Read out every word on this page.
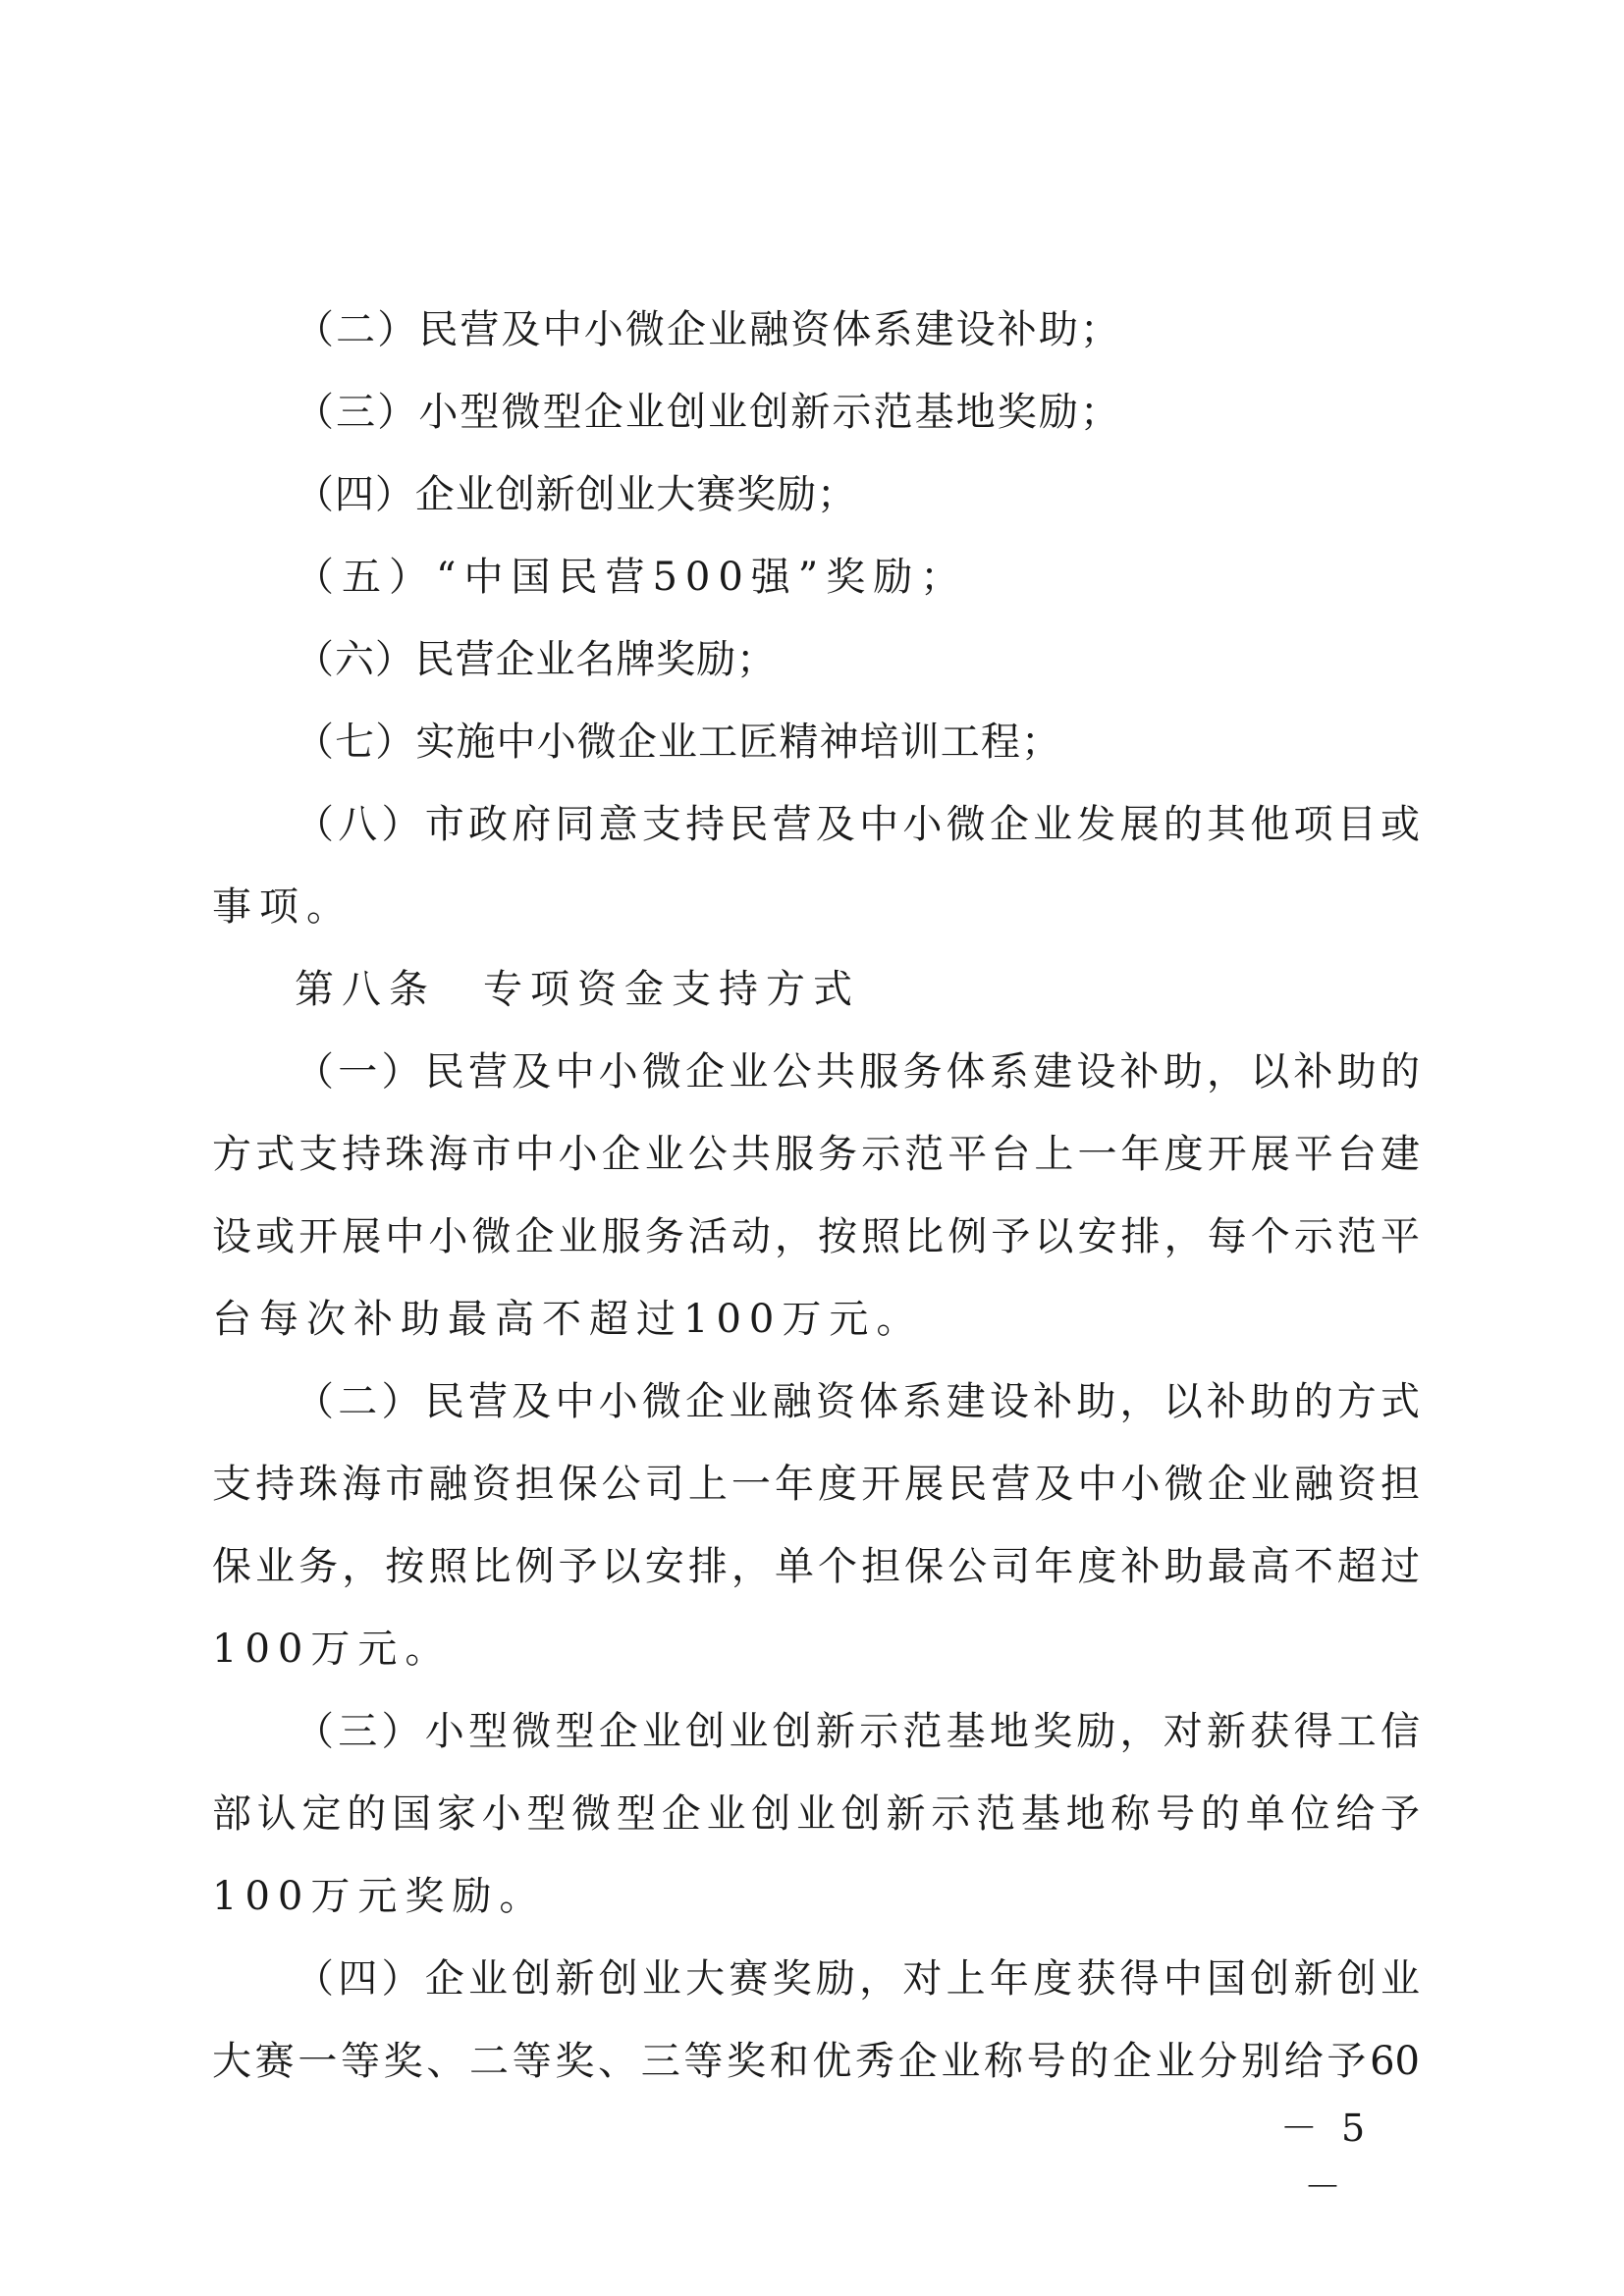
（二）民营及中小微企业融资体系建设补助；
（三）小型微型企业创业创新示范基地奖励；
（四）企业创新创业大赛奖励；
（五）“中国民营500强”奖励；
（六）民营企业名牌奖励；
（七）实施中小微企业工匠精神培训工程；
（八）市政府同意支持民营及中小微企业发展的其他项目或
事项。
第八条　专项资金支持方式
（一）民营及中小微企业公共服务体系建设补助，以补助的
方式支持珠海市中小企业公共服务示范平台上一年度开展平台建
设或开展中小微企业服务活动，按照比例予以安排，每个示范平
台每次补助最高不超过100万元。
（二）民营及中小微企业融资体系建设补助，以补助的方式
支持珠海市融资担保公司上一年度开展民营及中小微企业融资担
保业务，按照比例予以安排，单个担保公司年度补助最高不超过
100万元。
（三）小型微型企业创业创新示范基地奖励，对新获得工信
部认定的国家小型微型企业创业创新示范基地称号的单位给予
100万元奖励。
（四）企业创新创业大赛奖励，对上年度获得中国创新创业
大赛一等奖、二等奖、三等奖和优秀企业称号的企业分别给予60
－ 5 －
